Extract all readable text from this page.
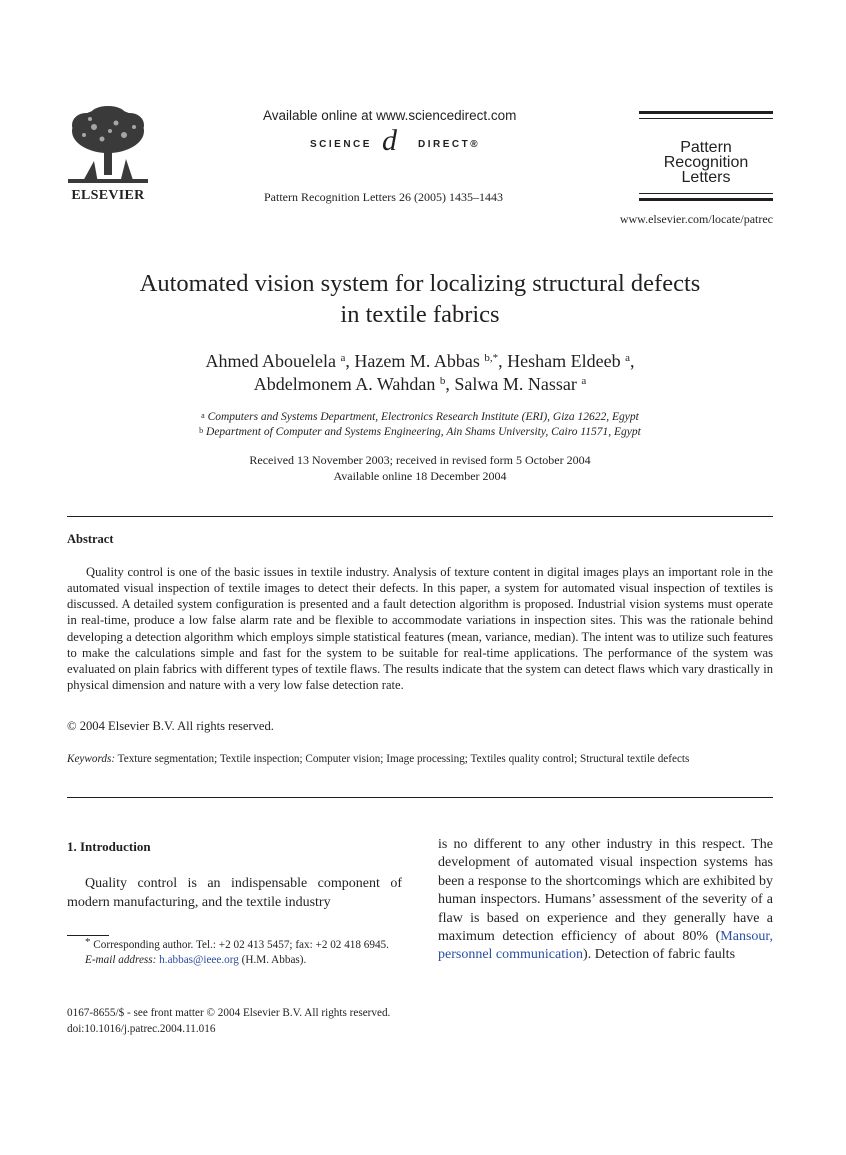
ELSEVIER
Available online at www.sciencedirect.com
SCIENCE d DIRECT®
Pattern Recognition Letters 26 (2005) 1435–1443
Pattern Recognition
Letters
www.elsevier.com/locate/patrec
Automated vision system for localizing structural defects
in textile fabrics
Ahmed Abouelela $^a$, Hazem M. Abbas $^{b,*}$, Hesham Eldeeb $^a$,
Abdelmonem A. Wahdan $^b$, Salwa M. Nassar $^a$
$^a$ Computers and Systems Department, Electronics Research Institute (ERI), Giza 12622, Egypt
$^b$ Department of Computer and Systems Engineering, Ain Shams University, Cairo 11571, Egypt
Received 13 November 2003; received in revised form 5 October 2004
Available online 18 December 2004
Abstract

Quality control is one of the basic issues in textile industry. Analysis of texture content in digital images plays an important role in the automated visual inspection of textile images to detect their defects. In this paper, a system for automated visual inspection of textiles is discussed. A detailed system configuration is presented and a fault detection algorithm is proposed. Industrial vision systems must operate in real-time, produce a low false alarm rate and be flexible to accommodate variations in inspection sites. This was the rationale behind developing a detection algorithm which employs simple statistical features (mean, variance, median). The intent was to utilize such features to make the calculations simple and fast for the system to be suitable for real-time applications. The performance of the system was evaluated on plain fabrics with different types of textile flaws. The results indicate that the system can detect flaws which vary drastically in physical dimension and nature with a very low false detection rate.

© 2004 Elsevier B.V. All rights reserved.
Keywords: Texture segmentation; Textile inspection; Computer vision; Image processing; Textiles quality control; Structural textile defects
1. Introduction
Quality control is an indispensable component of modern manufacturing, and the textile industry
* Corresponding author. Tel.: +2 02 413 5457; fax: +2 02 418 6945.
E-mail address: h.abbas@ieee.org (H.M. Abbas).
is no different to any other industry in this respect. The development of automated visual inspection systems has been a response to the shortcomings which are exhibited by human inspectors. Humans’ assessment of the severity of a flaw is based on experience and they generally have a maximum detection efficiency of about 80% (Mansour, personnel communication). Detection of fabric faults
0167-8655/$ - see front matter © 2004 Elsevier B.V. All rights reserved.
doi:10.1016/j.patrec.2004.11.016
